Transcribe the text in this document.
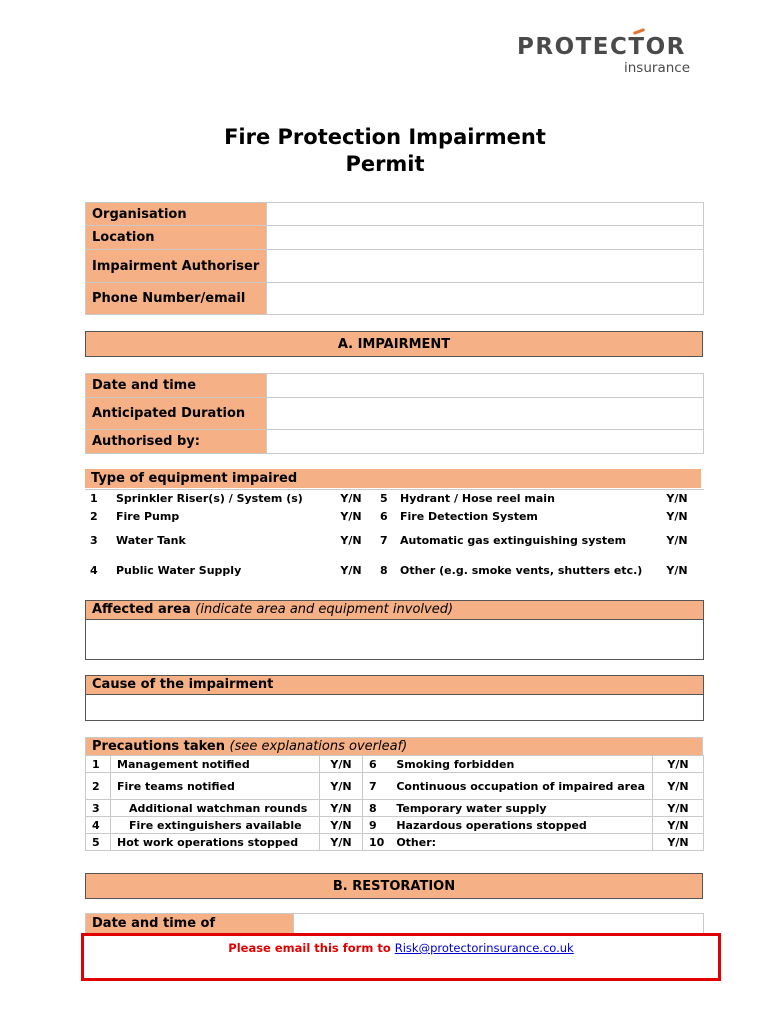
PROTECTOR
insurance
Fire Protection Impairment
Permit
Organisation	
Location	
Impairment Authoriser	
Phone Number/email	
A. IMPAIRMENT
Date and time	
Anticipated Duration	
Authorised by:	
Type of equipment impaired
1	Sprinkler Riser(s) / System (s)	Y/N	5	Hydrant / Hose reel main	Y/N
2	Fire Pump	Y/N	6	Fire Detection System	Y/N
3	Water Tank	Y/N	7	Automatic gas extinguishing system	Y/N
4	Public Water Supply	Y/N	8	Other (e.g. smoke vents, shutters etc.)	Y/N
Affected area (indicate area and equipment involved)
Cause of the impairment
Precautions taken (see explanations overleaf)
1	Management notified	Y/N	6	Smoking forbidden	Y/N
2	Fire teams notified	Y/N	7	Continuous occupation of impaired area	Y/N
3	Additional watchman rounds	Y/N	8	Temporary water supply	Y/N
4	Fire extinguishers available	Y/N	9	Hazardous operations stopped	Y/N
5	Hot work operations stopped	Y/N	10	Other:	Y/N
B. RESTORATION
Date and time of	
Please email this form to Risk@protectorinsurance.co.uk
